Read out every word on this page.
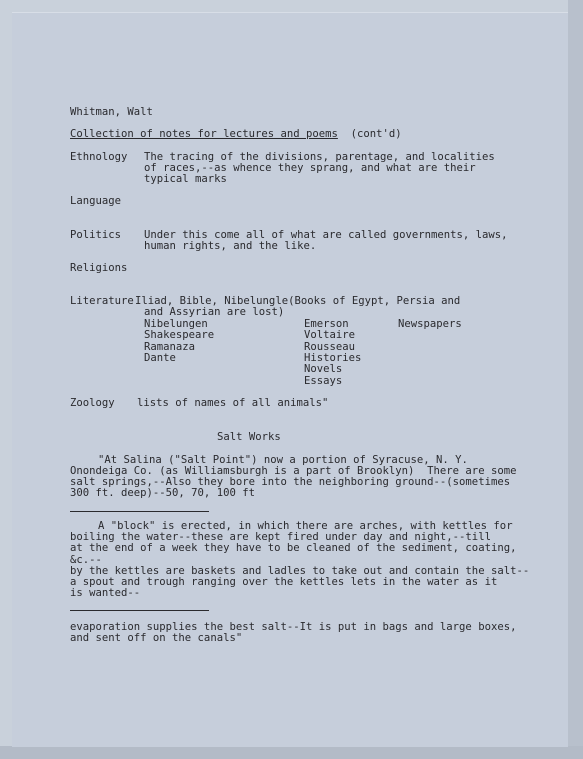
Whitman, Walt
Collection of notes for lectures and poems (cont'd)
Ethnology The tracing of the divisions, parentage, and localities
of races,--as whence they sprang, and what are their
typical marks
Language
Politics Under this come all of what are called governments, laws,
human rights, and the like.
Religions
Literature Iliad, Bible, Nibelungle(Books of Egypt, Persia and
and Assyrian are lost)
Nibelungen
Shakespeare
Ramanaza
Dante
Emerson
Voltaire
Rousseau
Histories
Novels
Essays
Newspapers
Zoology lists of names of all animals"
Salt Works
"At Salina ("Salt Point") now a portion of Syracuse, N. Y.
Onondeiga Co. (as Williamsburgh is a part of Brooklyn)  There are some
salt springs,--Also they bore into the neighboring ground--(sometimes
300 ft. deep)--50, 70, 100 ft
A "block" is erected, in which there are arches, with kettles for
boiling the water--these are kept fired under day and night,--till
at the end of a week they have to be cleaned of the sediment, coating,
&c.--
by the kettles are baskets and ladles to take out and contain the salt--
a spout and trough ranging over the kettles lets in the water as it
is wanted--
evaporation supplies the best salt--It is put in bags and large boxes,
and sent off on the canals"
